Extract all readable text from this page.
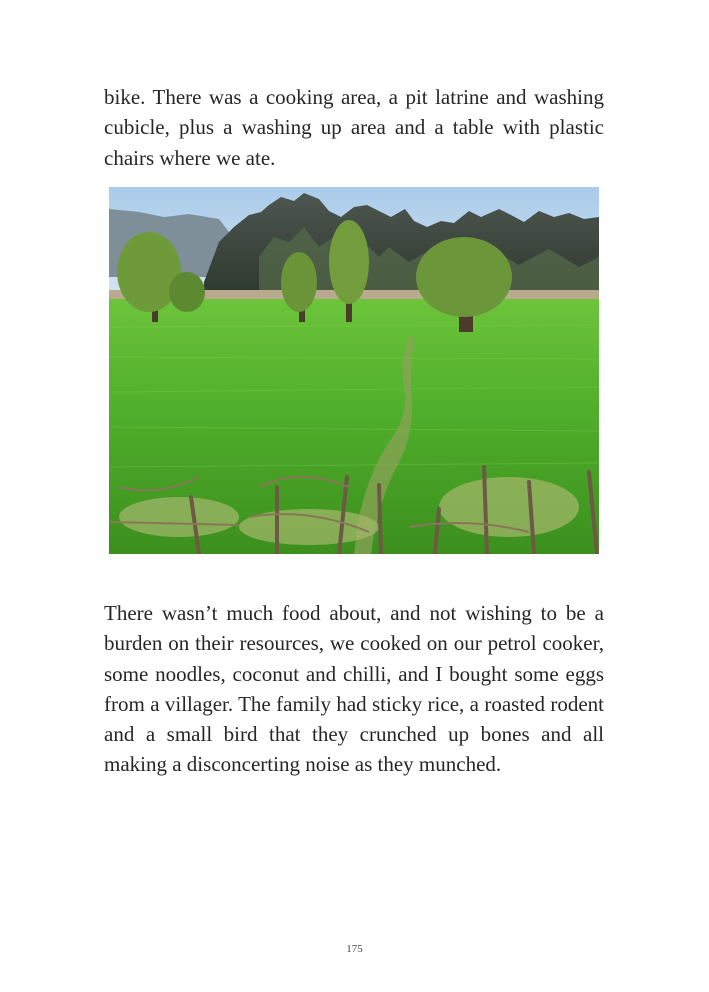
bike. There was a cooking area, a pit latrine and washing cubicle, plus a washing up area and a table with plastic chairs where we ate.

There wasn’t much food about, and not wishing to be a burden on their resources, we cooked on our petrol cooker, some noodles, coconut and chilli, and I bought some eggs from a villager. The family had sticky rice, a roasted rodent and a small bird that they crunched up bones and all making a disconcerting noise as they munched.

175
